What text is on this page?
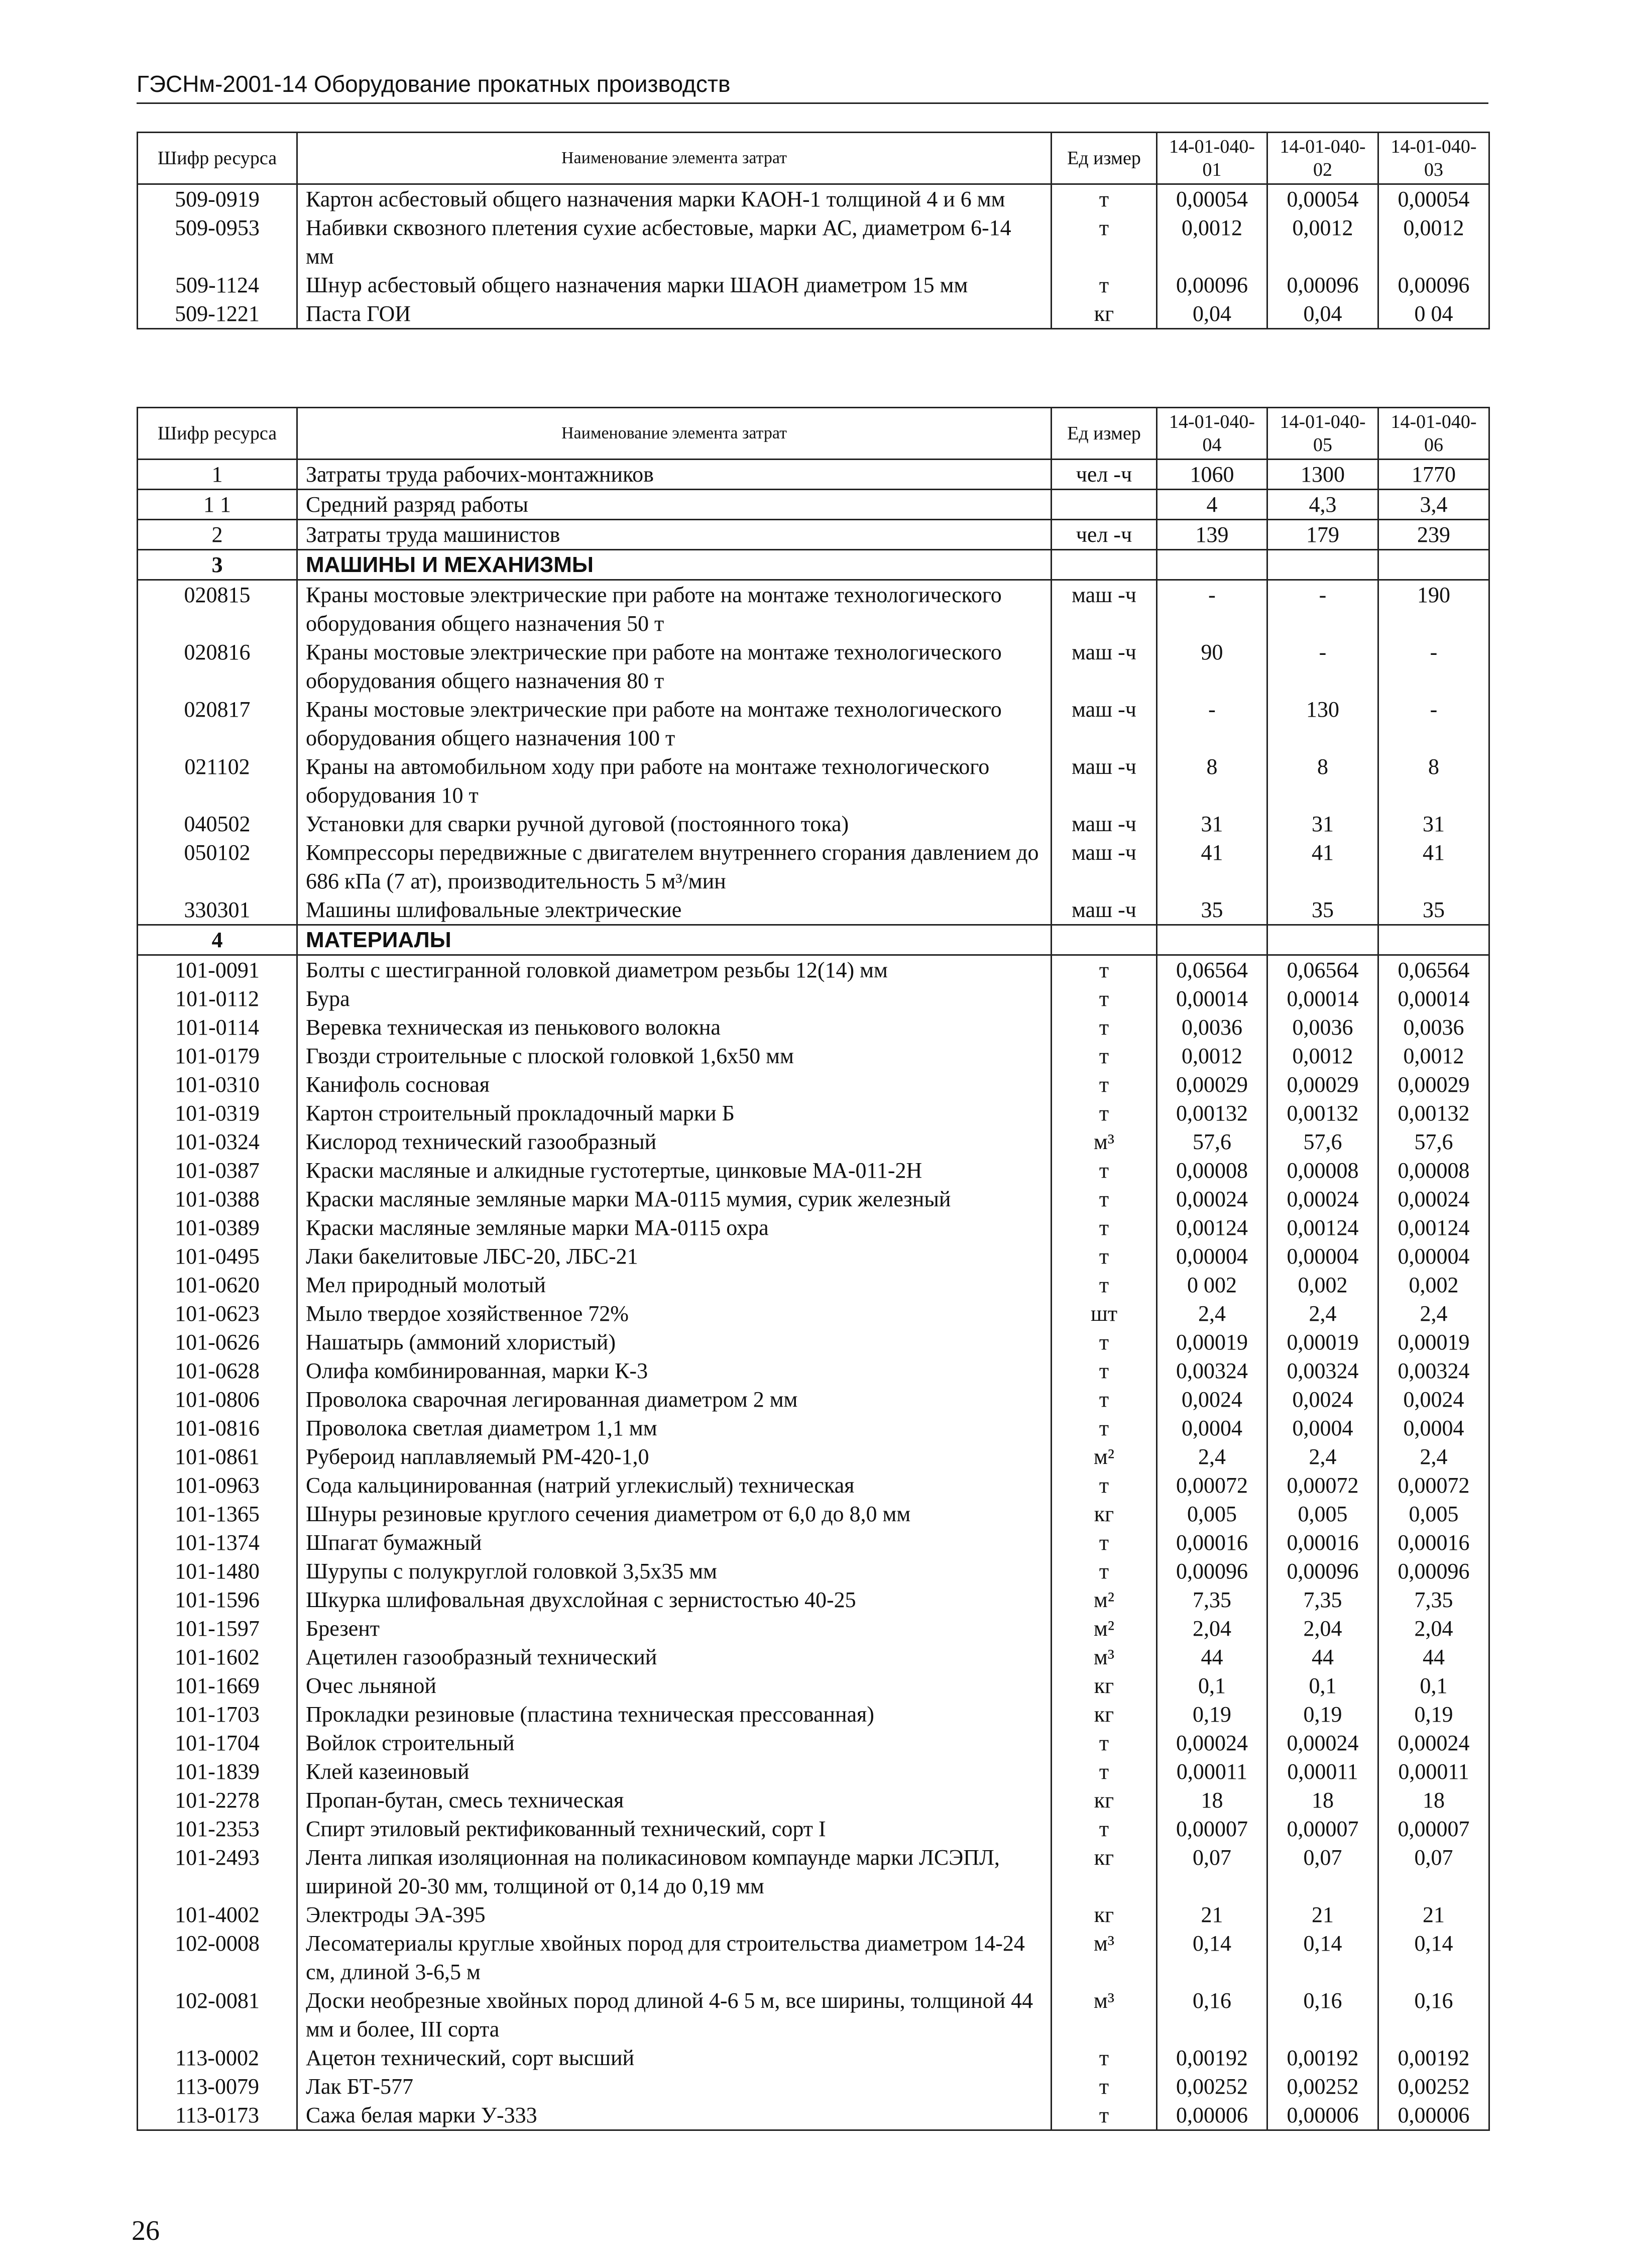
ГЭСНм-2001-14 Оборудование прокатных производств
Шифр ресурса	Наименование элемента затрат	Ед измер	14-01-040-01	14-01-040-02	14-01-040-03
509-0919	Картон асбестовый общего назначения марки КАОН-1 толщиной 4 и 6 мм	т	0,00054	0,00054	0,00054
509-0953	Набивки сквозного плетения сухие асбестовые, марки АС, диаметром 6-14 мм	т	0,0012	0,0012	0,0012
509-1124	Шнур асбестовый общего назначения марки ШАОН диаметром 15 мм	т	0,00096	0,00096	0,00096
509-1221	Паста ГОИ	кг	0,04	0,04	0 04
Шифр ресурса	Наименование элемента затрат	Ед измер	14-01-040-04	14-01-040-05	14-01-040-06
1	Затраты труда рабочих-монтажников	чел -ч	1060	1300	1770
1 1	Средний разряд работы		4	4,3	3,4
2	Затраты труда машинистов	чел -ч	139	179	239
3	МАШИНЫ И МЕХАНИЗМЫ				
020815	Краны мостовые электрические при работе на монтаже технологического оборудования общего назначения 50 т	маш -ч	-	-	190
020816	Краны мостовые электрические при работе на монтаже технологического оборудования общего назначения 80 т	маш -ч	90	-	-
020817	Краны мостовые электрические при работе на монтаже технологического оборудования общего назначения 100 т	маш -ч	-	130	-
021102	Краны на автомобильном ходу при работе на монтаже технологического оборудования 10 т	маш -ч	8	8	8
040502	Установки для сварки ручной дуговой (постоянного тока)	маш -ч	31	31	31
050102	Компрессоры передвижные с двигателем внутреннего сгорания давлением до 686 кПа (7 ат), производительность 5 м³/мин	маш -ч	41	41	41
330301	Машины шлифовальные электрические	маш -ч	35	35	35
4	МАТЕРИАЛЫ				
101-0091	Болты с шестигранной головкой диаметром резьбы 12(14) мм	т	0,06564	0,06564	0,06564
101-0112	Бура	т	0,00014	0,00014	0,00014
101-0114	Веревка техническая из пенькового волокна	т	0,0036	0,0036	0,0036
101-0179	Гвозди строительные с плоской головкой 1,6х50 мм	т	0,0012	0,0012	0,0012
101-0310	Канифоль сосновая	т	0,00029	0,00029	0,00029
101-0319	Картон строительный прокладочный марки Б	т	0,00132	0,00132	0,00132
101-0324	Кислород технический газообразный	м³	57,6	57,6	57,6
101-0387	Краски масляные и алкидные густотертые, цинковые МА-011-2Н	т	0,00008	0,00008	0,00008
101-0388	Краски масляные земляные марки МА-0115 мумия, сурик железный	т	0,00024	0,00024	0,00024
101-0389	Краски масляные земляные марки МА-0115 охра	т	0,00124	0,00124	0,00124
101-0495	Лаки бакелитовые ЛБС-20, ЛБС-21	т	0,00004	0,00004	0,00004
101-0620	Мел природный молотый	т	0 002	0,002	0,002
101-0623	Мыло твердое хозяйственное 72%	шт	2,4	2,4	2,4
101-0626	Нашатырь (аммоний хлористый)	т	0,00019	0,00019	0,00019
101-0628	Олифа комбинированная, марки К-3	т	0,00324	0,00324	0,00324
101-0806	Проволока сварочная легированная диаметром 2 мм	т	0,0024	0,0024	0,0024
101-0816	Проволока светлая диаметром 1,1 мм	т	0,0004	0,0004	0,0004
101-0861	Рубероид наплавляемый РМ-420-1,0	м²	2,4	2,4	2,4
101-0963	Сода кальцинированная (натрий углекислый) техническая	т	0,00072	0,00072	0,00072
101-1365	Шнуры резиновые круглого сечения диаметром от 6,0 до 8,0 мм	кг	0,005	0,005	0,005
101-1374	Шпагат бумажный	т	0,00016	0,00016	0,00016
101-1480	Шурупы с полукруглой головкой 3,5х35 мм	т	0,00096	0,00096	0,00096
101-1596	Шкурка шлифовальная двухслойная с зернистостью 40-25	м²	7,35	7,35	7,35
101-1597	Брезент	м²	2,04	2,04	2,04
101-1602	Ацетилен газообразный технический	м³	44	44	44
101-1669	Очес льняной	кг	0,1	0,1	0,1
101-1703	Прокладки резиновые (пластина техническая прессованная)	кг	0,19	0,19	0,19
101-1704	Войлок строительный	т	0,00024	0,00024	0,00024
101-1839	Клей казеиновый	т	0,00011	0,00011	0,00011
101-2278	Пропан-бутан, смесь техническая	кг	18	18	18
101-2353	Спирт этиловый ректификованный технический, сорт I	т	0,00007	0,00007	0,00007
101-2493	Лента липкая изоляционная на поликасиновом компаунде марки ЛСЭПЛ, шириной 20-30 мм, толщиной от 0,14 до 0,19 мм	кг	0,07	0,07	0,07
101-4002	Электроды ЭА-395	кг	21	21	21
102-0008	Лесоматериалы круглые хвойных пород для строительства диаметром 14-24 см, длиной 3-6,5 м	м³	0,14	0,14	0,14
102-0081	Доски необрезные хвойных пород длиной 4-6 5 м, все ширины, толщиной 44 мм и более, III сорта	м³	0,16	0,16	0,16
113-0002	Ацетон технический, сорт высший	т	0,00192	0,00192	0,00192
113-0079	Лак БТ-577	т	0,00252	0,00252	0,00252
113-0173	Сажа белая марки У-333	т	0,00006	0,00006	0,00006
26
